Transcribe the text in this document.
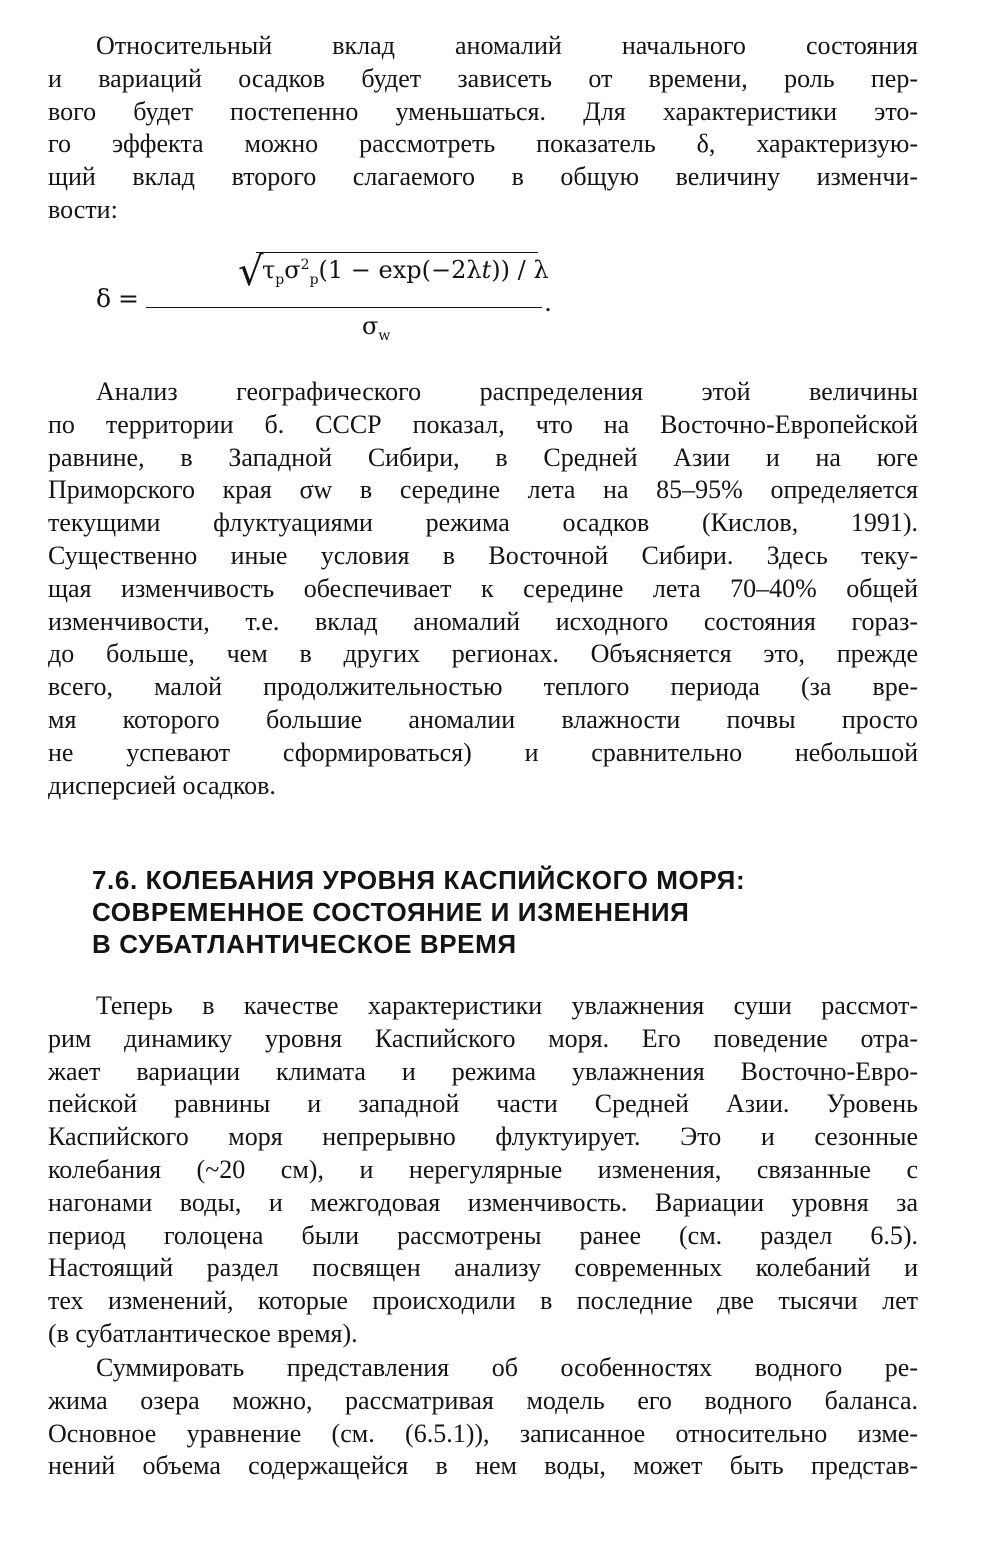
Относительный вклад аномалий начального состояния
и вариаций осадков будет зависеть от времени, роль пер-
вого будет постепенно уменьшаться. Для характеристики это-
го эффекта можно рассмотреть показатель δ, характеризую-
щий вклад второго слагаемого в общую величину изменчи-
вости:

δ =
√
$\tau_p\sigma^2_p(1 - \exp(-2\lambda t)) / \lambda$
$\sigma_w$
.

Анализ географического распределения этой величины
по территории б. СССР показал, что на Восточно-Европейской
равнине, в Западной Сибири, в Средней Азии и на юге
Приморского края σw в середине лета на 85–95% определяется
текущими флуктуациями режима осадков (Кислов, 1991).
Существенно иные условия в Восточной Сибири. Здесь теку-
щая изменчивость обеспечивает к середине лета 70–40% общей
изменчивости, т.е. вклад аномалий исходного состояния гораз-
до больше, чем в других регионах. Объясняется это, прежде
всего, малой продолжительностью теплого периода (за вре-
мя которого большие аномалии влажности почвы просто
не успевают сформироваться) и сравнительно небольшой
дисперсией осадков.

7.6. КОЛЕБАНИЯ УРОВНЯ КАСПИЙСКОГО МОРЯ:
СОВРЕМЕННОЕ СОСТОЯНИЕ И ИЗМЕНЕНИЯ
В СУБАТЛАНТИЧЕСКОЕ ВРЕМЯ

Теперь в качестве характеристики увлажнения суши рассмот-
рим динамику уровня Каспийского моря. Его поведение отра-
жает вариации климата и режима увлажнения Восточно-Евро-
пейской равнины и западной части Средней Азии. Уровень
Каспийского моря непрерывно флуктуирует. Это и сезонные
колебания (~20 см), и нерегулярные изменения, связанные с
нагонами воды, и межгодовая изменчивость. Вариации уровня за
период голоцена были рассмотрены ранее (см. раздел 6.5).
Настоящий раздел посвящен анализу современных колебаний и
тех изменений, которые происходили в последние две тысячи лет
(в субатлантическое время).

Суммировать представления об особенностях водного ре-
жима озера можно, рассматривая модель его водного баланса.
Основное уравнение (см. (6.5.1)), записанное относительно изме-
нений объема содержащейся в нем воды, может быть представ-
